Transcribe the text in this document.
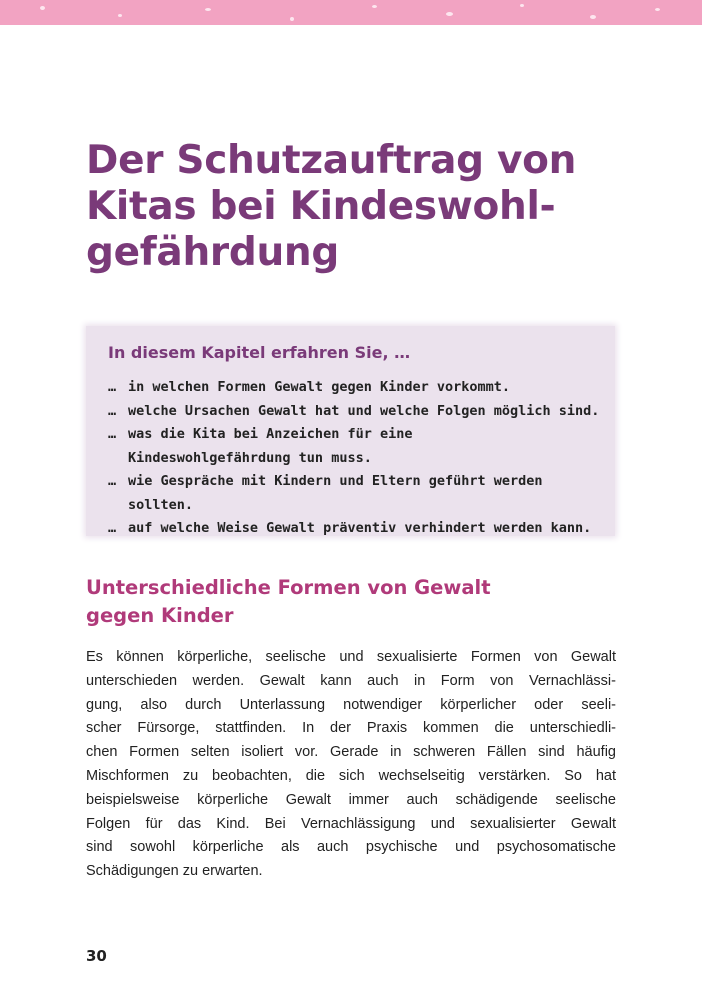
Der Schutzauftrag von
Kitas bei Kindeswohl-
gefährdung
In diesem Kapitel erfahren Sie, …
… in welchen Formen Gewalt gegen Kinder vorkommt.
… welche Ursachen Gewalt hat und welche Folgen möglich sind.
… was die Kita bei Anzeichen für eine Kindeswohlgefährdung tun muss.
… wie Gespräche mit Kindern und Eltern geführt werden sollten.
… auf welche Weise Gewalt präventiv verhindert werden kann.
Unterschiedliche Formen von Gewalt
gegen Kinder

Es können körperliche, seelische und sexualisierte Formen von Gewalt
unterschieden werden. Gewalt kann auch in Form von Vernachlässi-
gung, also durch Unterlassung notwendiger körperlicher oder seeli-
scher Fürsorge, stattfinden. In der Praxis kommen die unterschiedli-
chen Formen selten isoliert vor. Gerade in schweren Fällen sind häufig
Mischformen zu beobachten, die sich wechselseitig verstärken. So hat
beispielsweise körperliche Gewalt immer auch schädigende seelische
Folgen für das Kind. Bei Vernachlässigung und sexualisierter Gewalt
sind sowohl körperliche als auch psychische und psychosomatische
Schädigungen zu erwarten.

30
